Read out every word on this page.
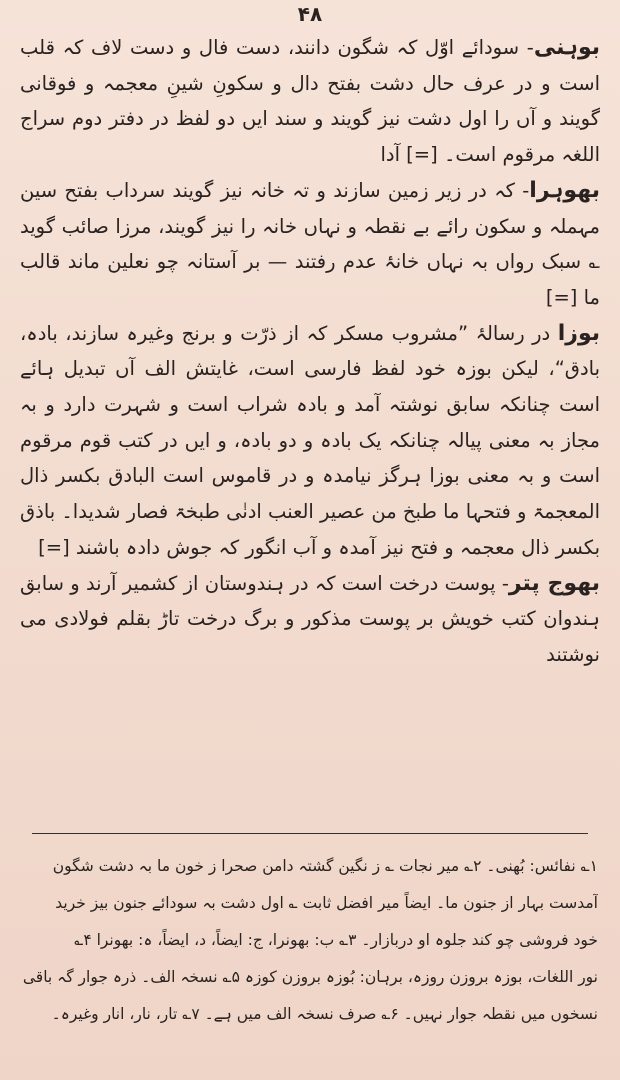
۴۸

بوہنی- سودائے اوّل کہ شگون دانند، دست فال و دست لاف کہ قلب است و در عرف حال دشت بفتح دال و سکونِ شینِ معجمہ و فوقانی گویند و آں را اول دشت نیز گویند و سند ایں دو لفظ در دفتر دوم سراج اللغہ مرقوم است۔ [=] آدا

بھوہرا- کہ در زیر زمین سازند و تہ خانہ نیز گویند سرداب بفتح سین مہملہ و سکون رائے بے نقطہ و نہاں خانہ را نیز گویند، مرزا صائب گوید ؎ سبک رواں بہ نہاں خانۂ عدم رفتند — بر آستانہ چو نعلین ماند قالب ما [=]

بوزا در رسالۂ ”مشروب مسکر کہ از ذرّت و برنج وغیرہ سازند، بادہ، بادق“، لیکن بوزہ خود لفظ فارسی است، غایتش الف آں تبدیل ہائے است چنانکہ سابق نوشتہ آمد و بادہ شراب است و شہرت دارد و بہ مجاز بہ معنی پیالہ چنانکہ یک بادہ و دو بادہ، و ایں در کتب قوم مرقوم است و بہ معنی بوزا ہرگز نیامدہ و در قاموس است البادق بکسر ذال المعجمۃ و فتحہا ما طبخ من عصیر العنب ادنٰی طبخۃ فصار شدیدا۔ باذق بکسر ذال معجمہ و فتح نیز آمدہ و آب انگور کہ جوش دادہ باشند [=]

بھوج پتر- پوست درخت است کہ در ہندوستان از کشمیر آرند و سابق ہندوان کتب خویش بر پوست مذکور و برگ درخت تاڑ بقلم فولادی می نوشتند

۱؎ نفائس: بُھنی۔ ۲؎ میر نجات ؎ ز نگین گشتہ دامن صحرا ز خون ما بہ دشت شگون

آمدست بہار از جنون ما۔ ایضاً میر افضل ثابت ؎ اول دشت بہ سودائے جنون بیز خرید

خود فروشی چو کند جلوہ او دربازار۔ ۳؎ ب: بھونرا، ج: ایضاً، د، ایضاً، ہ: بھونرا ۴؎

نور اللغات، بوزہ بروزن روزہ، برہان: بُوزہ بروزن کوزہ ۵؎ نسخہ الف۔ ذرہ جوار گہ باقی

نسخوں میں نقطہ جوار نہیں۔ ۶؎ صرف نسخہ الف میں ہے۔ ۷؎ تار، نار، انار وغیرہ۔
